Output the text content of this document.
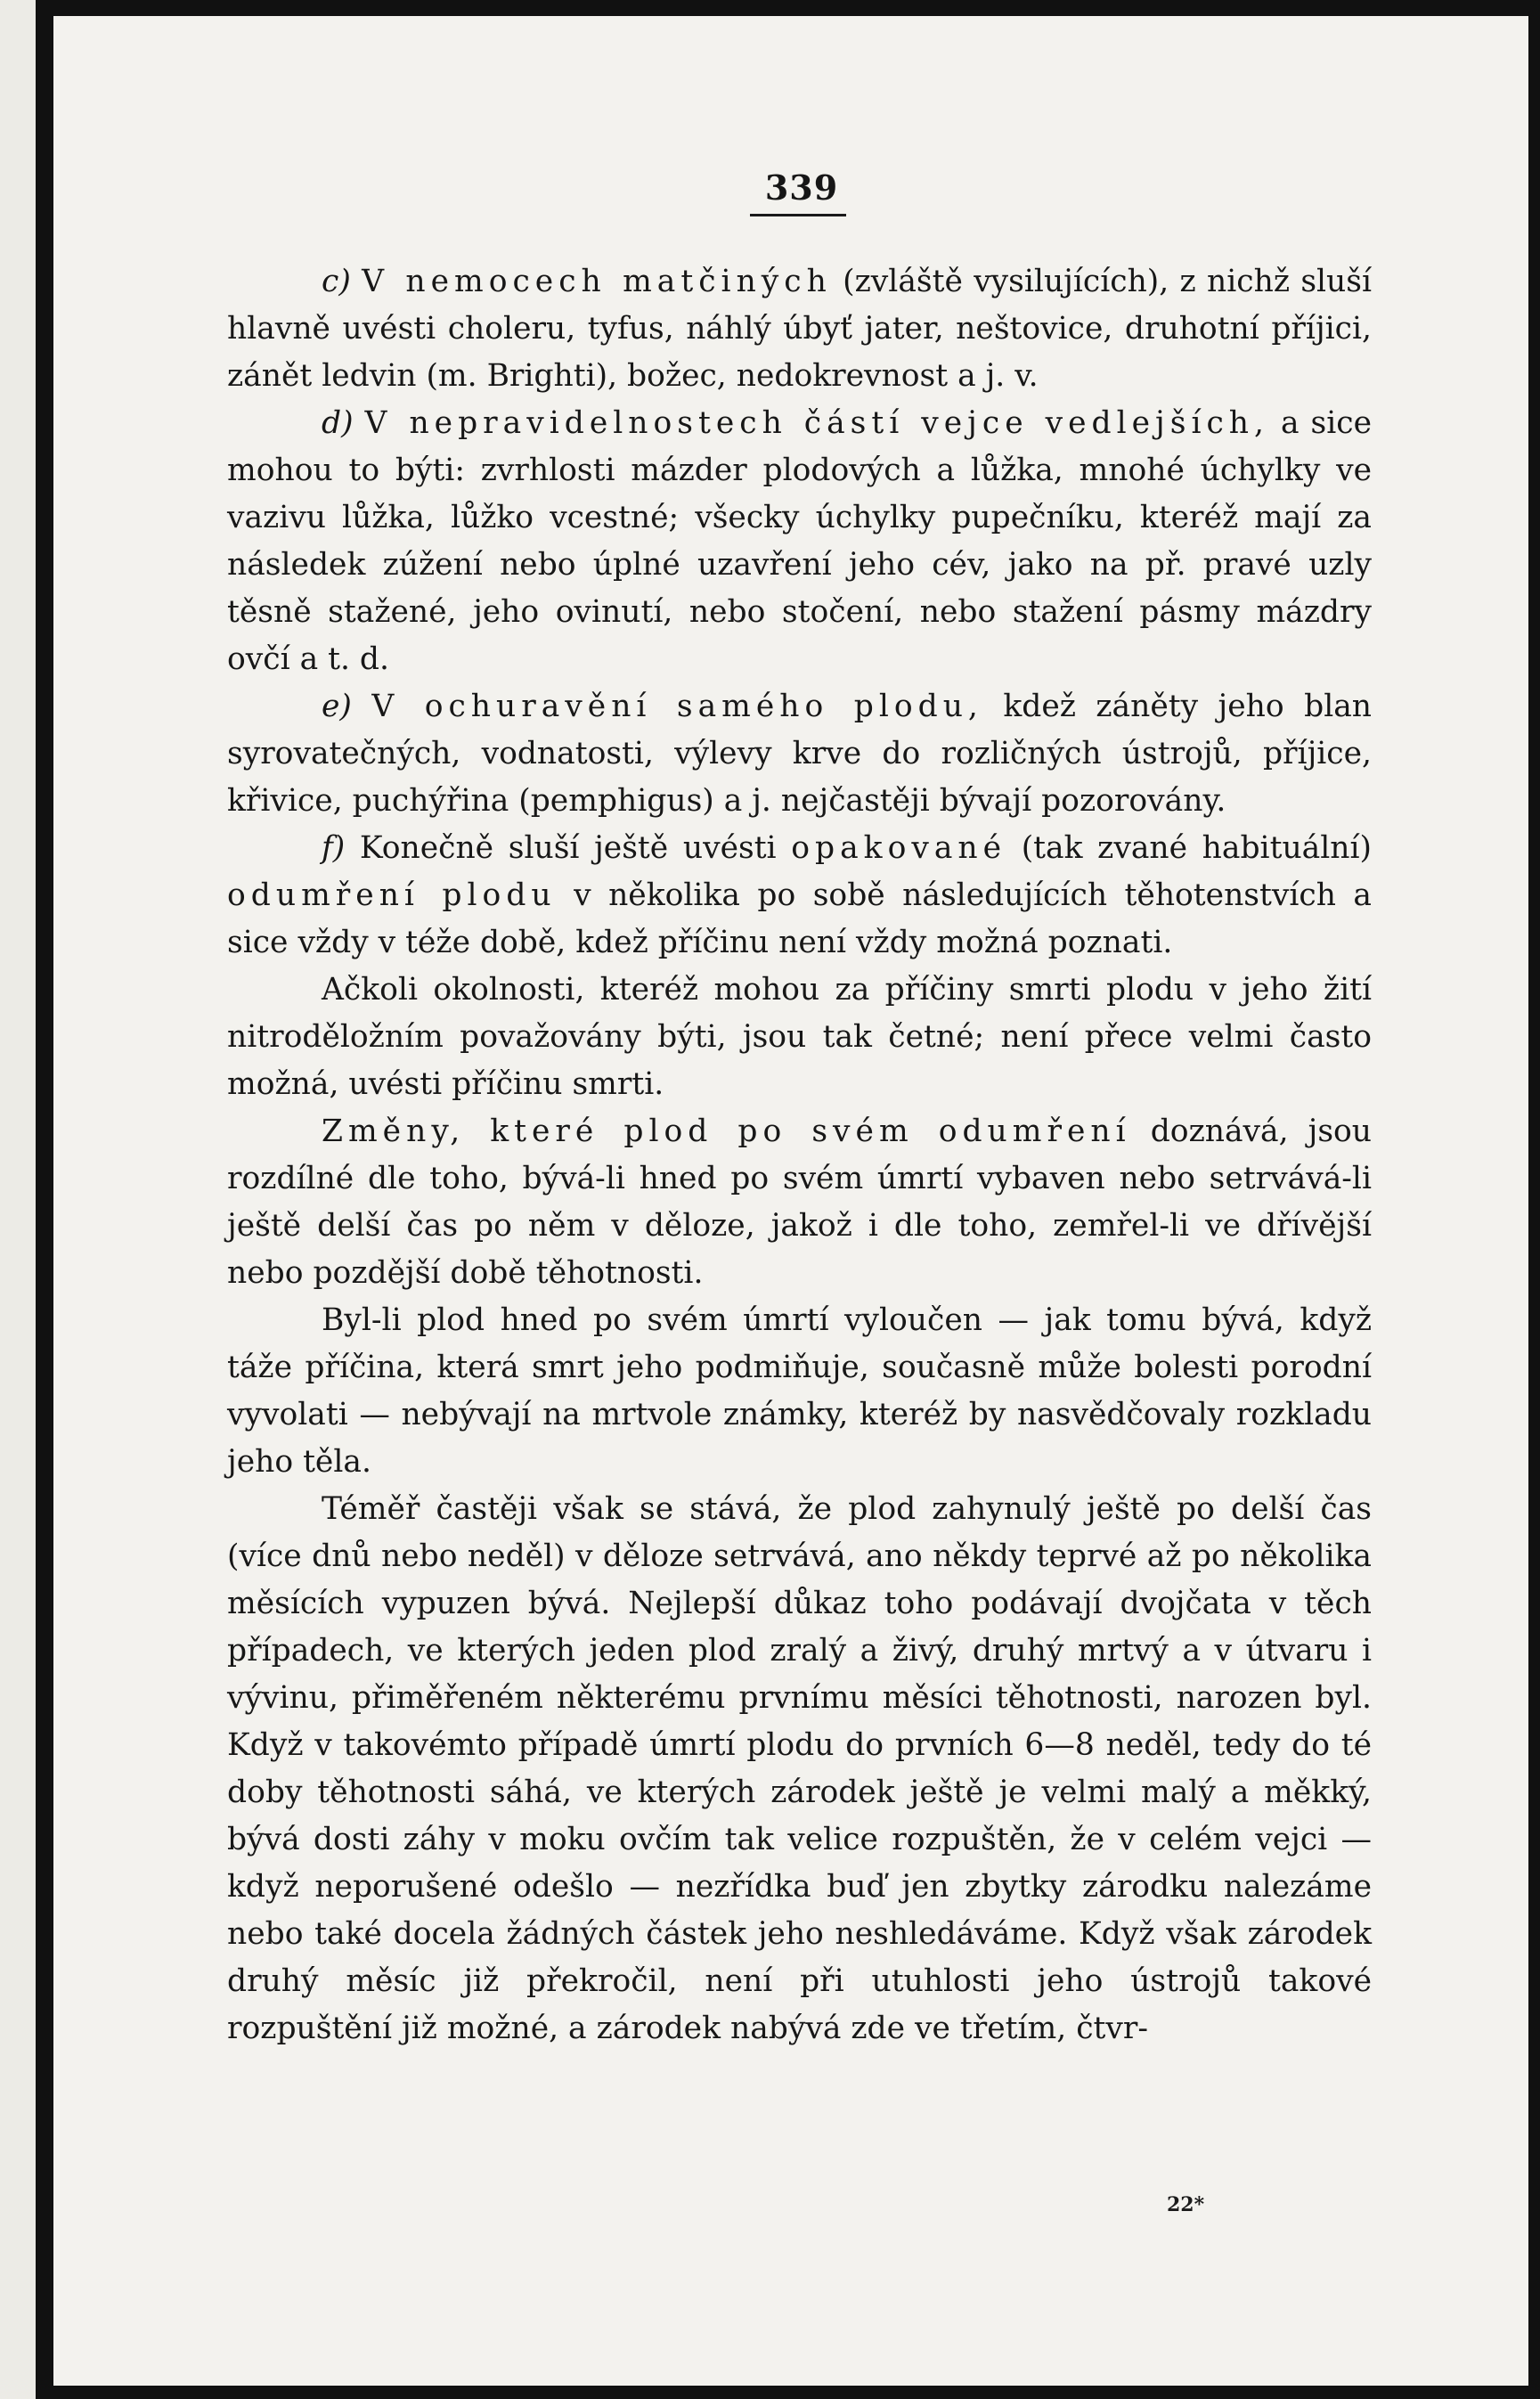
339

c) V nemocech matčiných (zvláště vysilujících), z nichž sluší hlavně uvésti choleru, tyfus, náhlý úbyť jater, neštovice, druhotní příjici, zánět ledvin (m. Brighti), božec, nedokrevnost a j. v.

d) V nepravidelnostech částí vejce vedlejších, a sice mohou to býti: zvrhlosti mázder plodových a lůžka, mnohé úchylky ve vazivu lůžka, lůžko vcestné; všecky úchylky pupečníku, kteréž mají za následek zúžení nebo úplné uzavření jeho cév, jako na př. pravé uzly těsně stažené, jeho ovinutí, nebo stočení, nebo stažení pásmy mázdry ovčí a t. d.

e) V ochuravění samého plodu, kdež záněty jeho blan syrovatečných, vodnatosti, výlevy krve do rozličných ústrojů, příjice, křivice, puchýřina (pemphigus) a j. nejčastěji bývají pozorovány.

f) Konečně sluší ještě uvésti opakované (tak zvané habituální) odumření plodu v několika po sobě následujících těhotenstvích a sice vždy v téže době, kdež příčinu není vždy možná poznati.

Ačkoli okolnosti, kteréž mohou za příčiny smrti plodu v jeho žití nitroděložním považovány býti, jsou tak četné; není přece velmi často možná, uvésti příčinu smrti.

Změny, které plod po svém odumření doznává, jsou rozdílné dle toho, bývá-li hned po svém úmrtí vybaven nebo setrvává-li ještě delší čas po něm v děloze, jakož i dle toho, zemřel-li ve dřívější nebo pozdější době těhotnosti.

Byl-li plod hned po svém úmrtí vyloučen — jak tomu bývá, když táže příčina, která smrt jeho podmiňuje, současně může bolesti porodní vyvolati — nebývají na mrtvole známky, kteréž by nasvědčovaly rozkladu jeho těla.

Téměř častěji však se stává, že plod zahynulý ještě po delší čas (více dnů nebo neděl) v děloze setrvává, ano někdy teprvé až po několika měsících vypuzen bývá. Nejlepší důkaz toho podávají dvojčata v těch případech, ve kterých jeden plod zralý a živý, druhý mrtvý a v útvaru i vývinu, přiměřeném některému prvnímu měsíci těhotnosti, narozen byl. Když v takovémto případě úmrtí plodu do prvních 6—8 neděl, tedy do té doby těhotnosti sáhá, ve kterých zárodek ještě je velmi malý a měkký, bývá dosti záhy v moku ovčím tak velice rozpuštěn, že v celém vejci — když neporušené odešlo — nezřídka buď jen zbytky zárodku nalezáme nebo také docela žádných částek jeho neshledáváme. Když však zárodek druhý měsíc již překročil, není při utuhlosti jeho ústrojů takové rozpuštění již možné, a zárodek nabývá zde ve třetím, čtvr-

22*
